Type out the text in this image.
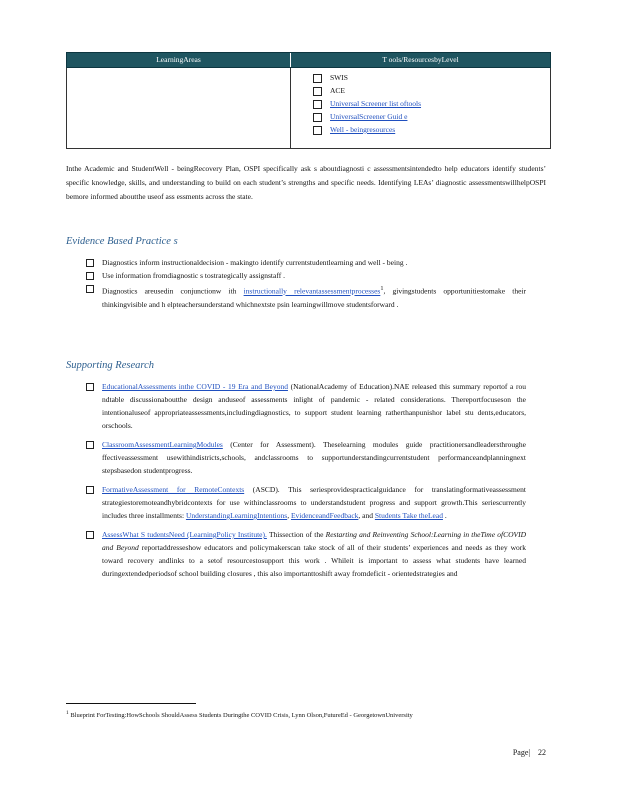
LearningAreas	T ools/ResourcesbyLevel
SWIS
ACE
Universal Screener list oftools
UniversalScreener Guid e
Well - beingresources
Inthe Academic and StudentWell - beingRecovery Plan, OSPI specifically ask s aboutdiagnosti c assessmentsintendedto help educators identify students’ specific knowledge, skills, and understanding to build on each student’s strengths and specific needs. Identifying LEAs’ diagnostic assessmentswillhelpOSPI bemore informed aboutthe useof ass essments across the state.
Evidence Based Practice s
Diagnostics inform instructionaldecision - makingto identify currentstudentlearning and well - being .
Use information fromdiagnostic s tostrategically assignstaff .
Diagnostics areusedin conjunctionw ith instructionally relevantassessmentprocesses$^1$, givingstudents opportunitiestomake their thinkingvisible and h elpteachersunderstand whichnextste psin learningwillmove studentsforward .
Supporting Research
EducationalAssessments inthe COVID - 19 Era and Beyond (NationalAcademy of Education).NAE released this summary reportof a rou ndtable discussionaboutthe design anduseof assessments inlight of pandemic - related considerations. Thereportfocuseson the intentionaluseof appropriateassessments,includingdiagnostics, to support student learning ratherthanpunishor label stu dents,educators, orschools.
ClassroomAssessmentLearningModules (Center for Assessment). Theselearning modules guide practitionersandleadersthroughe ffectiveassessment usewithindistricts,schools, andclassrooms to supportunderstandingcurrentstudent performanceandplanningnext stepsbasedon studentprogress.
FormativeAssessment for RemoteContexts (ASCD). This seriesprovidespracticalguidance for translatingformativeassessment strategiestoremoteandhybridcontexts for use withinclassrooms to understandstudent progress and support growth.This seriescurrently includes three installments: UnderstandingLearningIntentions, EvidenceandFeedback, and Students Take theLead .
AssessWhat S tudentsNeed (LearningPolicy Institute). Thissection of the Restarting and Reinventing School:Learning in theTime ofCOVID and Beyond reportaddresseshow educators and policymakerscan take stock of all of their students’ experiences and needs as they work toward recovery andlinks to a setof resourcestosupport this work . Whileit is important to assess what students have learned duringextendedperiodsof school building closures , this also importanttoshift away fromdeficit - orientedstrategies and
$^1$ Blueprint ForTesting:HowSchools ShouldAssess Students Duringthe COVID Crisis, Lynn Olson,FutureEd - GeorgetownUniversity
Page| 22
